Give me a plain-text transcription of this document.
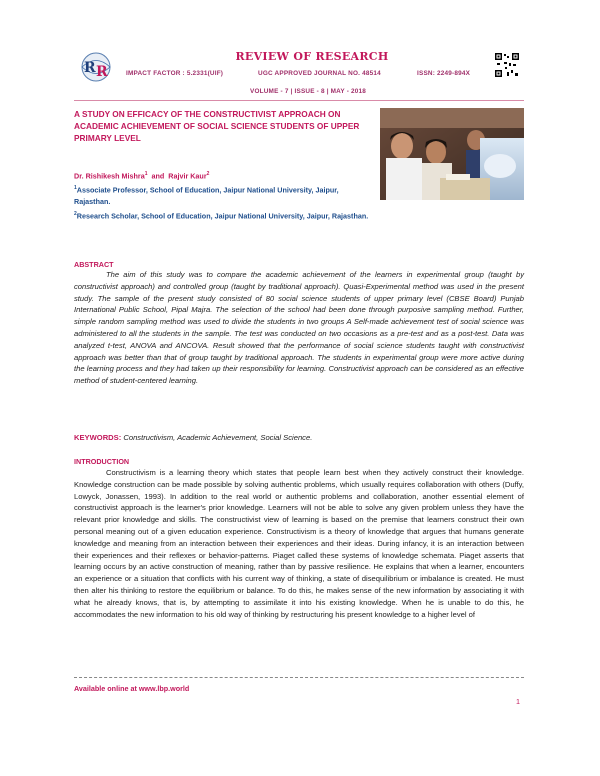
R R
REVIEW OF RESEARCH
IMPACT FACTOR : 5.2331(UIF)	UGC APPROVED JOURNAL NO. 48514	ISSN: 2249-894X
VOLUME - 7 | ISSUE - 8 | MAY - 2018
A STUDY ON EFFICACY OF THE CONSTRUCTIVIST APPROACH ON ACADEMIC ACHIEVEMENT OF SOCIAL SCIENCE STUDENTS OF UPPER PRIMARY LEVEL
Dr. Rishikesh Mishra$^1$ and Rajvir Kaur$^2$
$^1$Associate Professor, School of Education, Jaipur National University, Jaipur, Rajasthan.
$^2$Research Scholar, School of Education, Jaipur National University, Jaipur, Rajasthan.
ABSTRACT
The aim of this study was to compare the academic achievement of the learners in experimental group (taught by constructivist approach) and controlled group (taught by traditional approach). Quasi-Experimental method was used in the present study. The sample of the present study consisted of 80 social science students of upper primary level (CBSE Board) Punjab International Public School, Pipal Majra. The selection of the school had been done through purposive sampling method. Further, simple random sampling method was used to divide the students in two groups A Self-made achievement test of social science was administered to all the students in the sample. The test was conducted on two occasions as a pre-test and as a post-test. Data was analyzed t-test, ANOVA and ANCOVA. Result showed that the performance of social science students taught with constructivist approach was better than that of group taught by traditional approach. The students in experimental group were more active during the learning process and they had taken up their responsibility for learning. Constructivist approach can be considered as an effective method of student-centered learning.
KEYWORDS: Constructivism, Academic Achievement, Social Science.
INTRODUCTION
Constructivism is a learning theory which states that people learn best when they actively construct their knowledge. Knowledge construction can be made possible by solving authentic problems, which usually requires collaboration with others (Duffy, Lowyck, Jonassen, 1993). In addition to the real world or authentic problems and collaboration, another essential element of constructivist approach is the learner's prior knowledge. Learners will not be able to solve any given problem unless they have the relevant prior knowledge and skills. The constructivist view of learning is based on the premise that learners construct their own personal meaning out of a given education experience. Constructivism is a theory of knowledge that argues that humans generate knowledge and meaning from an interaction between their experiences and their ideas. During infancy, it is an interaction between their experiences and their reflexes or behavior-patterns. Piaget called these systems of knowledge schemata. Piaget asserts that learning occurs by an active construction of meaning, rather than by passive resilience. He explains that when a learner, encounters an experience or a situation that conflicts with his current way of thinking, a state of disequilibrium or imbalance is created. He must then alter his thinking to restore the equilibrium or balance. To do this, he makes sense of the new information by associating it with what he already knows, that is, by attempting to assimilate it into his existing knowledge. When he is unable to do this, he accommodates the new information to his old way of thinking by restructuring his present knowledge to a higher level of
Available online at www.lbp.world
1
